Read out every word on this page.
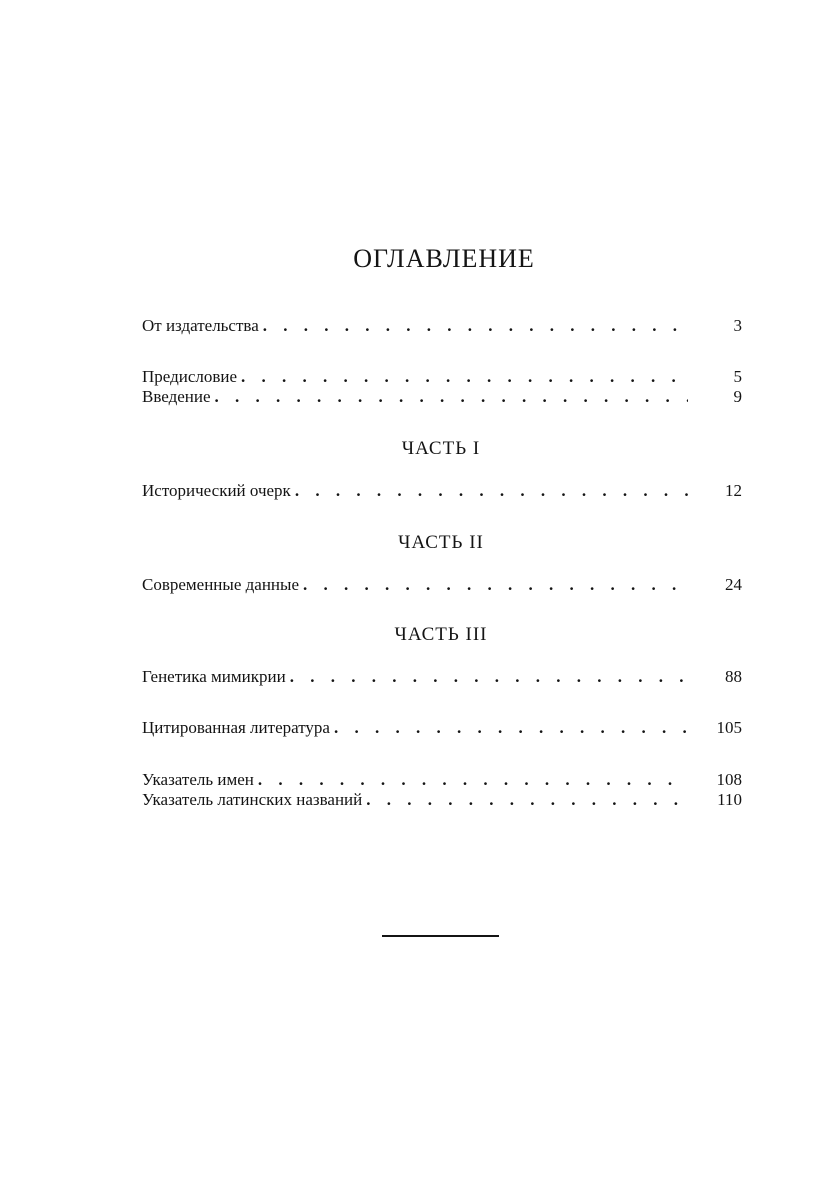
ОГЛАВЛЕНИЕ
От издательства . . .	3
Предисловие . . .	5
Введение . . .	9
ЧАСТЬ I
Исторический очерк . . .	12
ЧАСТЬ II
Современные данные . . .	24
ЧАСТЬ III
Генетика мимикрии . . .	88
Цитированная литература . . .	105
Указатель имен . . .	108
Указатель латинских названий . . .	110
